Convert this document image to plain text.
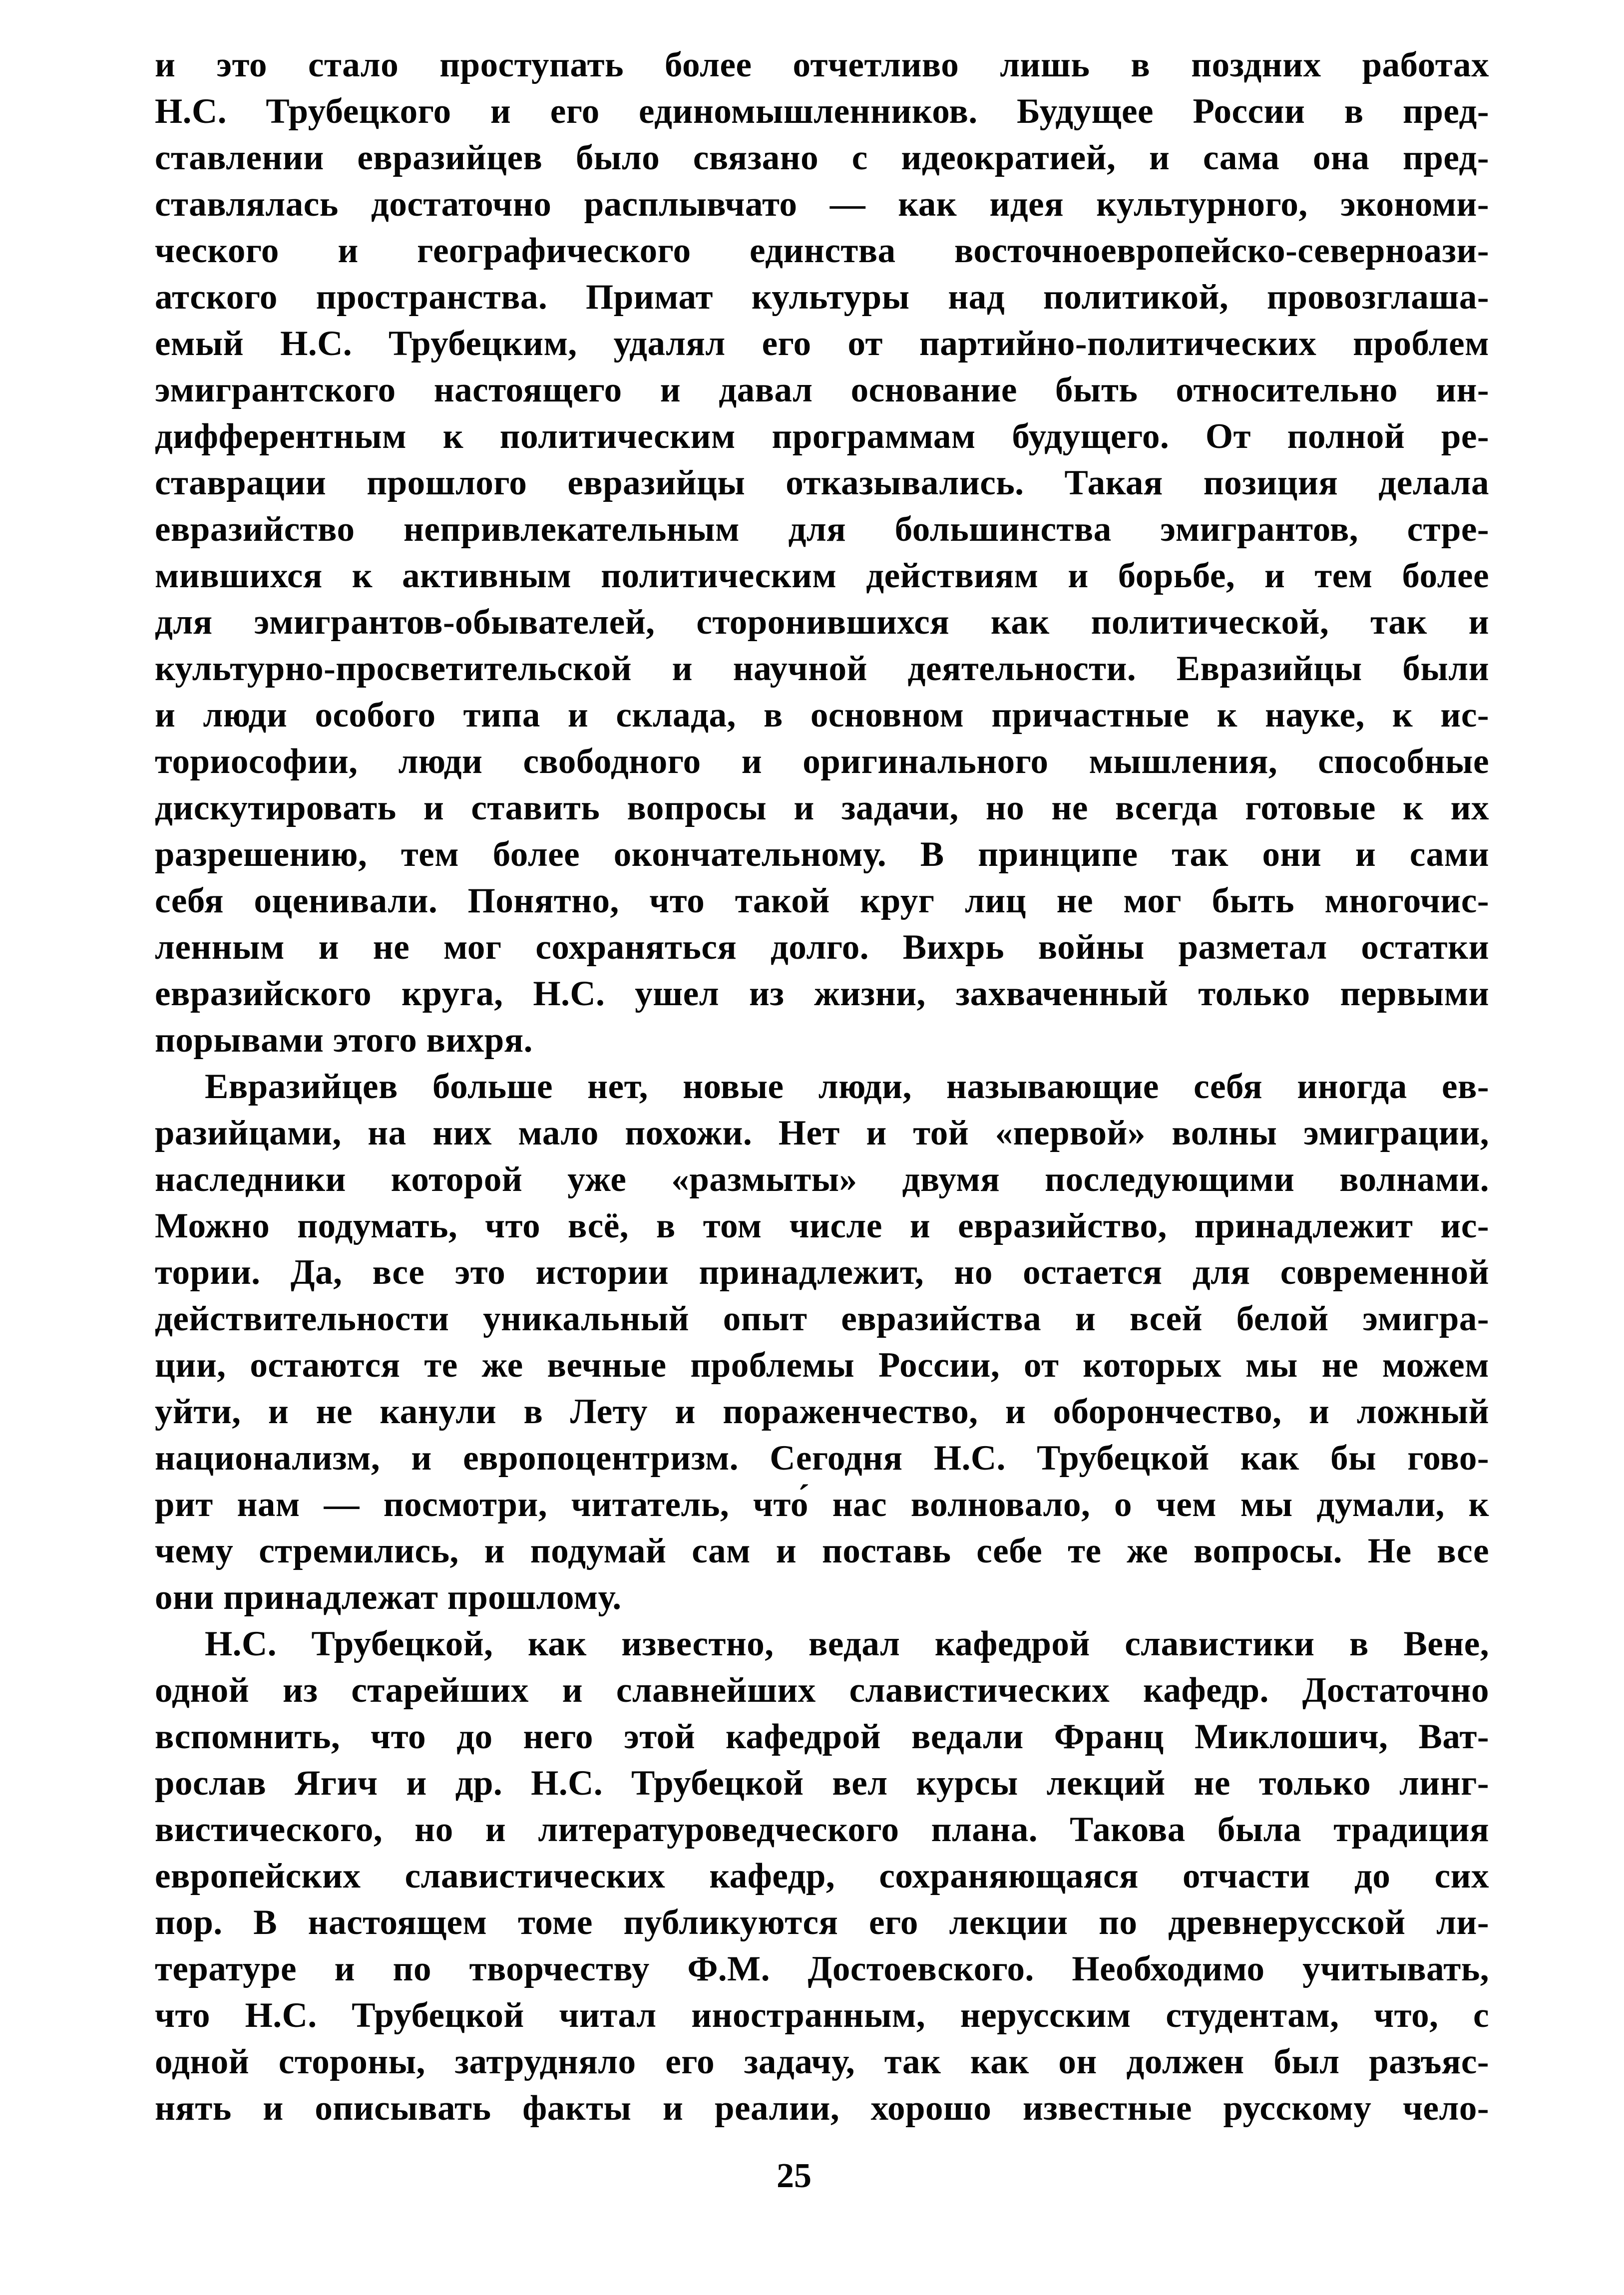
и это стало проступать более отчетливо лишь в поздних работах
Н.С. Трубецкого и его единомышленников. Будущее России в пред-
ставлении евразийцев было связано с идеократией, и сама она пред-
ставлялась достаточно расплывчато — как идея культурного, экономи-
ческого и географического единства восточноевропейско-северноази-
атского пространства. Примат культуры над политикой, провозглаша-
емый Н.С. Трубецким, удалял его от партийно-политических проблем
эмигрантского настоящего и давал основание быть относительно ин-
дифферентным к политическим программам будущего. От полной ре-
ставрации прошлого евразийцы отказывались. Такая позиция делала
евразийство непривлекательным для большинства эмигрантов, стре-
мившихся к активным политическим действиям и борьбе, и тем более
для эмигрантов-обывателей, сторонившихся как политической, так и
культурно-просветительской и научной деятельности. Евразийцы были
и люди особого типа и склада, в основном причастные к науке, к ис-
ториософии, люди свободного и оригинального мышления, способные
дискутировать и ставить вопросы и задачи, но не всегда готовые к их
разрешению, тем более окончательному. В принципе так они и сами
себя оценивали. Понятно, что такой круг лиц не мог быть многочис-
ленным и не мог сохраняться долго. Вихрь войны разметал остатки
евразийского круга, Н.С. ушел из жизни, захваченный только первыми
порывами этого вихря.
Евразийцев больше нет, новые люди, называющие себя иногда ев-
разийцами, на них мало похожи. Нет и той «первой» волны эмиграции,
наследники которой уже «размыты» двумя последующими волнами.
Можно подумать, что всё, в том числе и евразийство, принадлежит ис-
тории. Да, все это истории принадлежит, но остается для современной
действительности уникальный опыт евразийства и всей белой эмигра-
ции, остаются те же вечные проблемы России, от которых мы не можем
уйти, и не канули в Лету и пораженчество, и оборончество, и ложный
национализм, и европоцентризм. Сегодня Н.С. Трубецкой как бы гово-
рит нам — посмотри, читатель, что́ нас волновало, о чем мы думали, к
чему стремились, и подумай сам и поставь себе те же вопросы. Не все
они принадлежат прошлому.
Н.С. Трубецкой, как известно, ведал кафедрой славистики в Вене,
одной из старейших и славнейших славистических кафедр. Достаточно
вспомнить, что до него этой кафедрой ведали Франц Миклошич, Ват-
рослав Ягич и др. Н.С. Трубецкой вел курсы лекций не только линг-
вистического, но и литературоведческого плана. Такова была традиция
европейских славистических кафедр, сохраняющаяся отчасти до сих
пор. В настоящем томе публикуются его лекции по древнерусской ли-
тературе и по творчеству Ф.М. Достоевского. Необходимо учитывать,
что Н.С. Трубецкой читал иностранным, нерусским студентам, что, с
одной стороны, затрудняло его задачу, так как он должен был разъяс-
нять и описывать факты и реалии, хорошо известные русскому чело-
25
